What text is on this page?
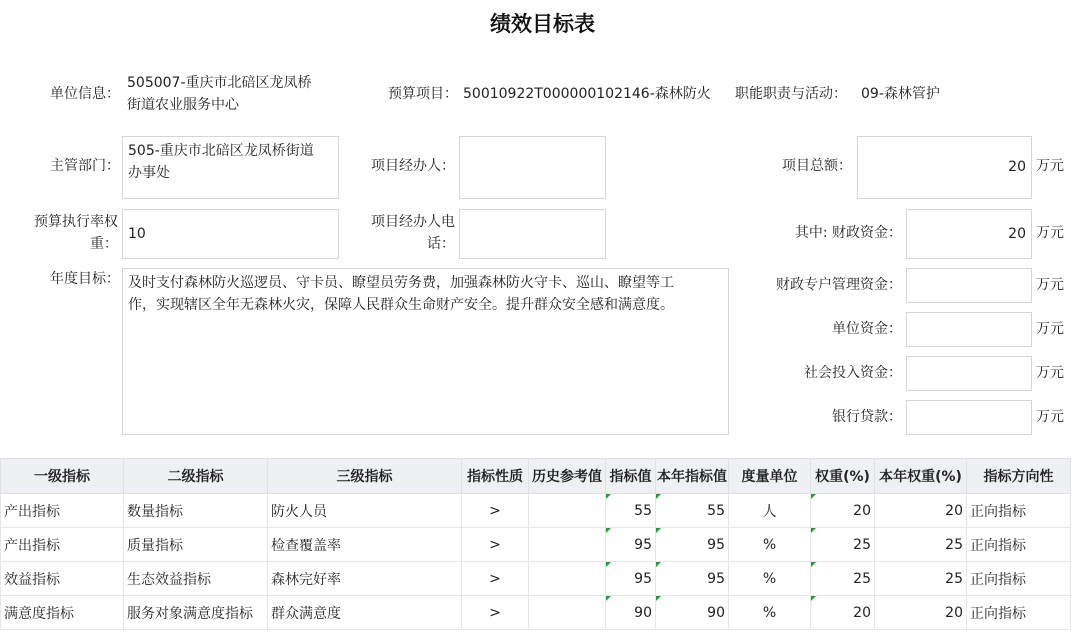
绩效目标表
单位信息：
505007-重庆市北碚区龙凤桥
街道农业服务中心
预算项目： 50010922T000000102146-森林防火 职能职责与活动： 09-森林管护
主管部门：
505-重庆市北碚区龙凤桥街道
办事处	项目经办人：	项目总额：	20 万元
预算执行率权
重：
10
项目经办人电
话：
其中: 财政资金：	20 万元
年度目标： 及时支付森林防火巡逻员、守卡员、瞭望员劳务费，加强森林防火守卡、巡山、瞭望等工
作，实现辖区全年无森林火灾，保障人民群众生命财产安全。提升群众安全感和满意度。
财政专户管理资金：	万元
单位资金：	万元
社会投入资金：	万元
银行贷款：	万元
一级指标	二级指标	三级指标	指标性质	历史参考值	指标值	本年指标值	度量单位	权重(%)	本年权重(%)	指标方向性
产出指标	数量指标	防火人员	>		55	55	人	20	20	正向指标
产出指标	质量指标	检查覆盖率	>		95	95	%	25	25	正向指标
效益指标	生态效益指标	森林完好率	>		95	95	%	25	25	正向指标
满意度指标	服务对象满意度指标	群众满意度	>		90	90	%	20	20	正向指标
